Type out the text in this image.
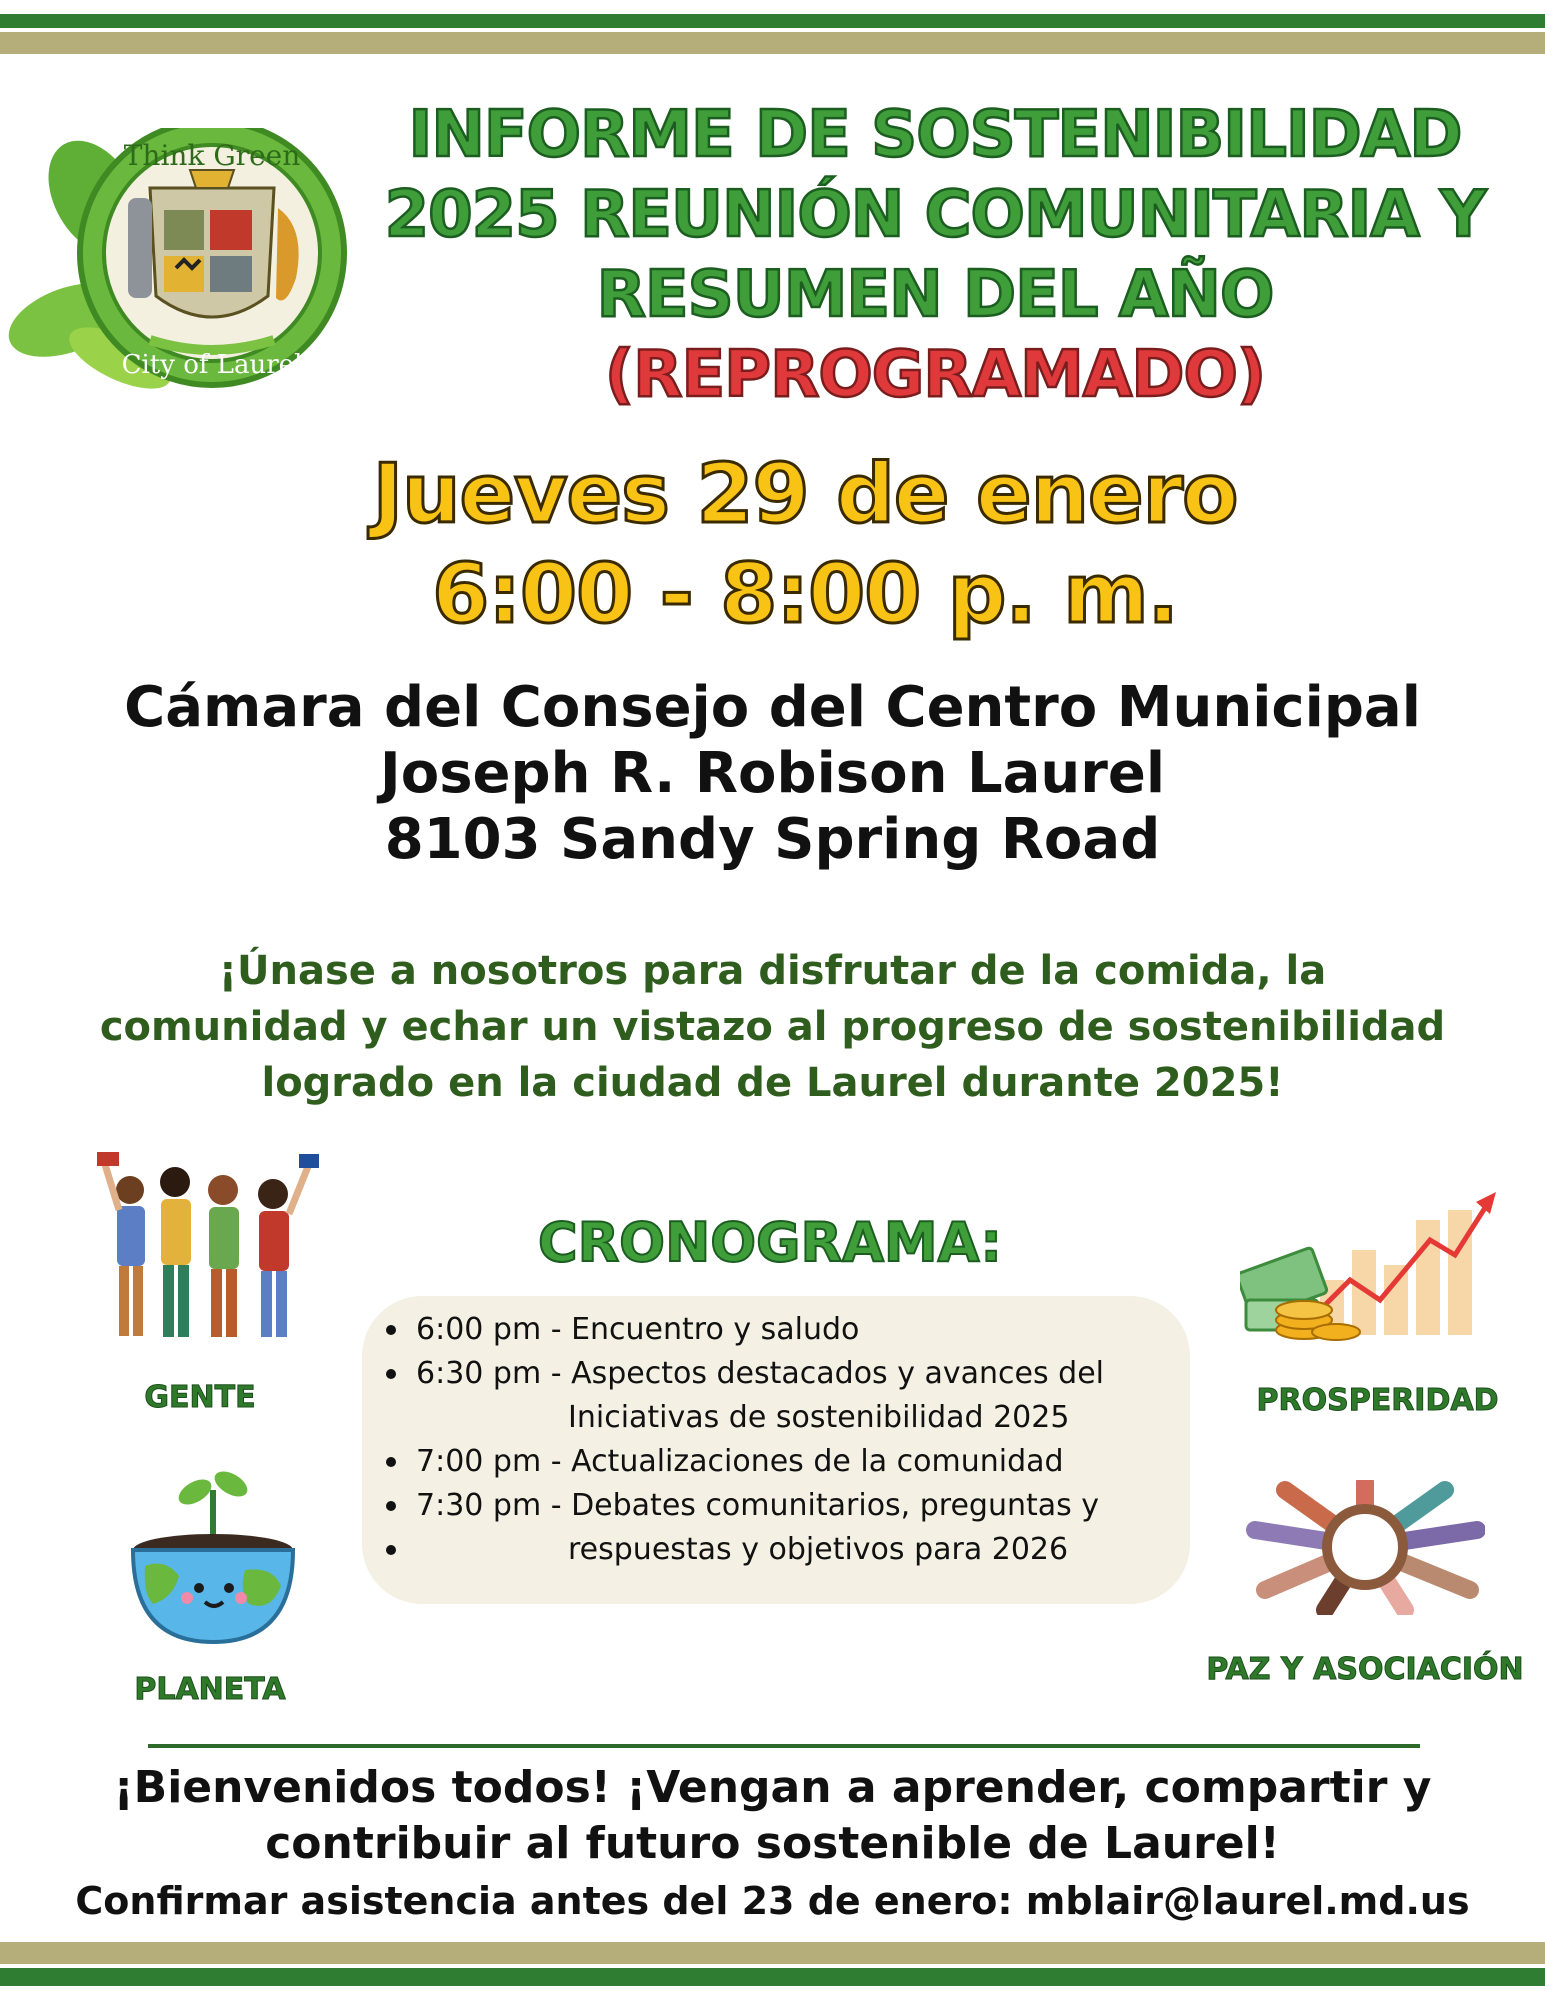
Think Green
City of Laurel
INFORME DE SOSTENIBILIDAD
2025 REUNIÓN COMUNITARIA Y
RESUMEN DEL AÑO
(REPROGRAMADO)
Jueves 29 de enero
6:00 - 8:00 p. m.
Cámara del Consejo del Centro Municipal
Joseph R. Robison Laurel
8103 Sandy Spring Road
¡Únase a nosotros para disfrutar de la comida, la
comunidad y echar un vistazo al progreso de sostenibilidad
logrado en la ciudad de Laurel durante 2025!
GENTE
PLANETA
PROSPERIDAD
PAZ Y ASOCIACIÓN
CRONOGRAMA:
6:00 pm - Encuentro y saludo
6:30 pm - Aspectos destacados y avances del
Iniciativas de sostenibilidad 2025
7:00 pm - Actualizaciones de la comunidad
7:30 pm - Debates comunitarios, preguntas y
respuestas y objetivos para 2026
¡Bienvenidos todos! ¡Vengan a aprender, compartir y
contribuir al futuro sostenible de Laurel!
Confirmar asistencia antes del 23 de enero: mblair@laurel.md.us
